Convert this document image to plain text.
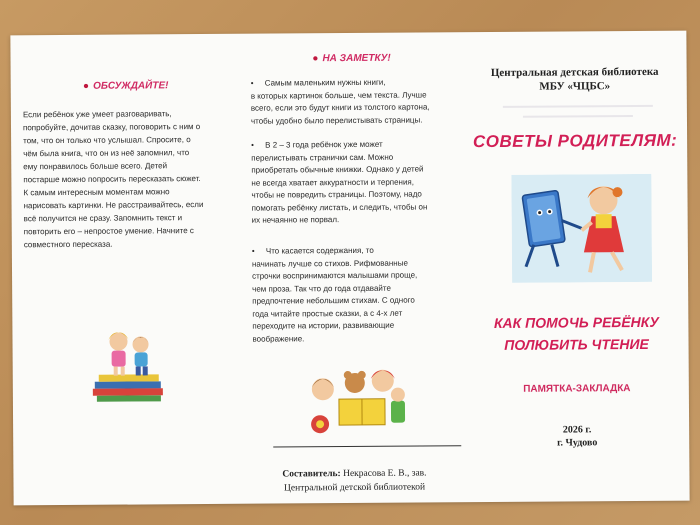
● ОБСУЖДАЙТЕ!
Если ребёнок уже умеет разговаривать,
попробуйте, дочитав сказку, поговорить с ним о
том, что он только что услышал. Спросите, о
чём была книга, что он из неё запомнил, что
ему понравилось больше всего. Детей
постарше можно попросить пересказать сюжет.
К самым интересным моментам можно
нарисовать картинки. Не расстраивайтесь, если
всё получится не сразу. Запомнить текст и
повторить его – непростое умение. Начните с
совместного пересказа.
● НА ЗАМЕТКУ!
• Самым маленьким нужны книги,
в которых картинок больше, чем текста. Лучше
всего, если это будут книги из толстого картона,
чтобы удобно было перелистывать страницы.
• В 2 – 3 года ребёнок уже может
перелистывать странички сам. Можно
приобретать обычные книжки. Однако у детей
не всегда хватает аккуратности и терпения,
чтобы не повредить страницы. Поэтому, надо
помогать ребёнку листать, и следить, чтобы он
их нечаянно не порвал.
• Что касается содержания, то
начинать лучше со стихов. Рифмованные
строчки воспринимаются малышами проще,
чем проза. Так что до года отдавайте
предпочтение небольшим стихам. С одного
года читайте простые сказки, а с 4-х лет
переходите на истории, развивающие
воображение.
Составитель: Некрасова Е. В., зав.
Центральной детской библиотекой
Центральная детская библиотека
МБУ «ЧЦБС»
СОВЕТЫ РОДИТЕЛЯМ:
КАК ПОМОЧЬ РЕБЁНКУ
ПОЛЮБИТЬ ЧТЕНИЕ
ПАМЯТКА-ЗАКЛАДКА
2026 г.
г. Чудово
